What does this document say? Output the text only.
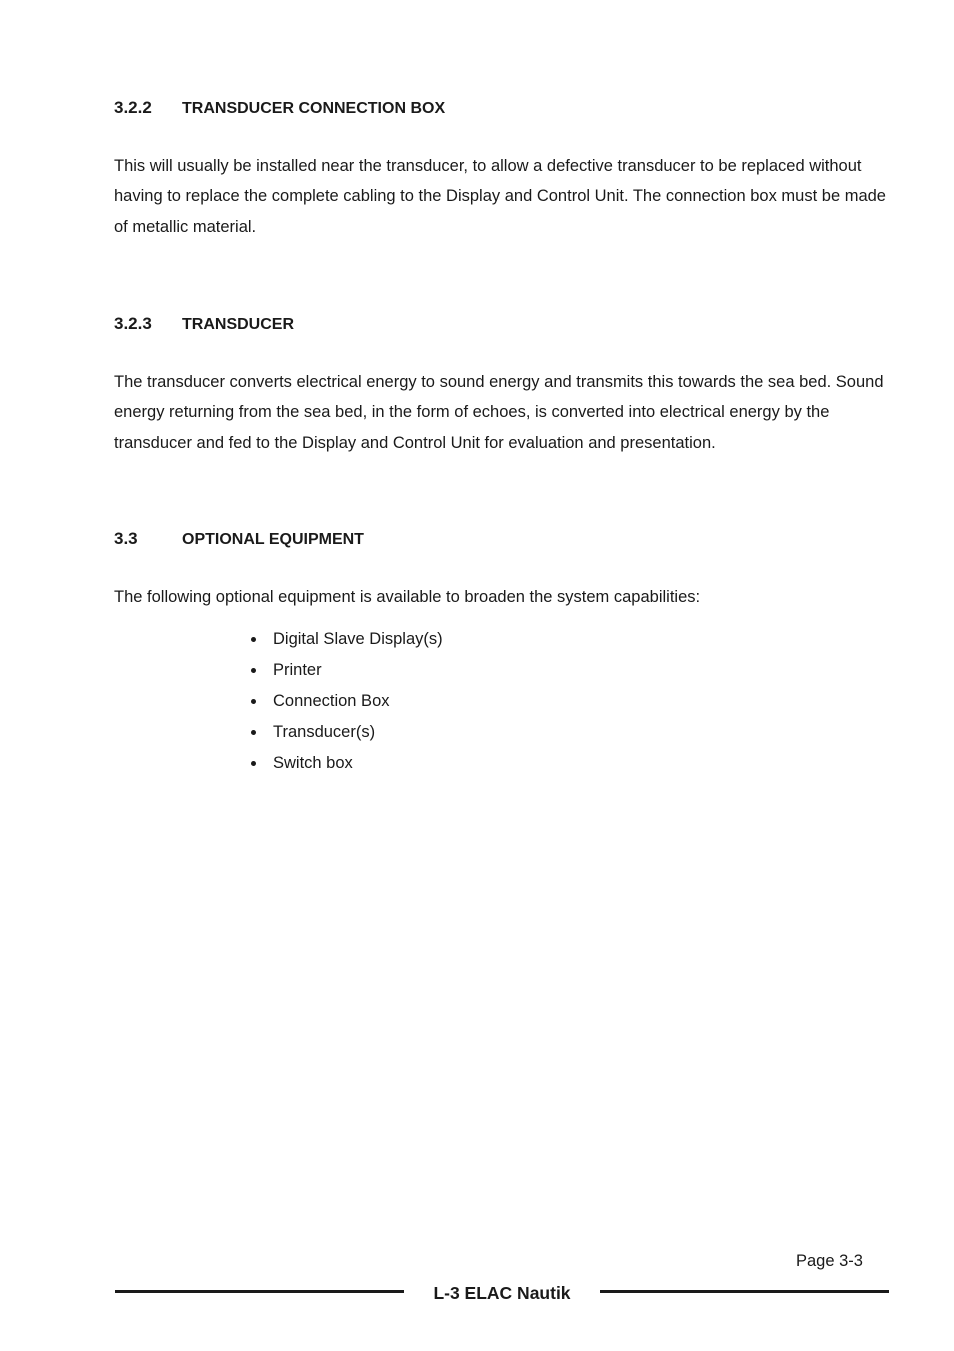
3.2.2 TRANSDUCER CONNECTION BOX

This will usually be installed near the transducer, to allow a defective transducer to be replaced without having to replace the complete cabling to the Display and Control Unit. The connection box must be made of metallic material.

3.2.3 TRANSDUCER

The transducer converts electrical energy to sound energy and transmits this towards the sea bed. Sound energy returning from the sea bed, in the form of echoes, is converted into electrical energy by the transducer and fed to the Display and Control Unit for evaluation and presentation.

3.3	OPTIONAL EQUIPMENT

The following optional equipment is available to broaden the system capabilities:

Digital Slave Display(s)
Printer
Connection Box
Transducer(s)
Switch box

Page 3-3

L-3 ELAC Nautik
